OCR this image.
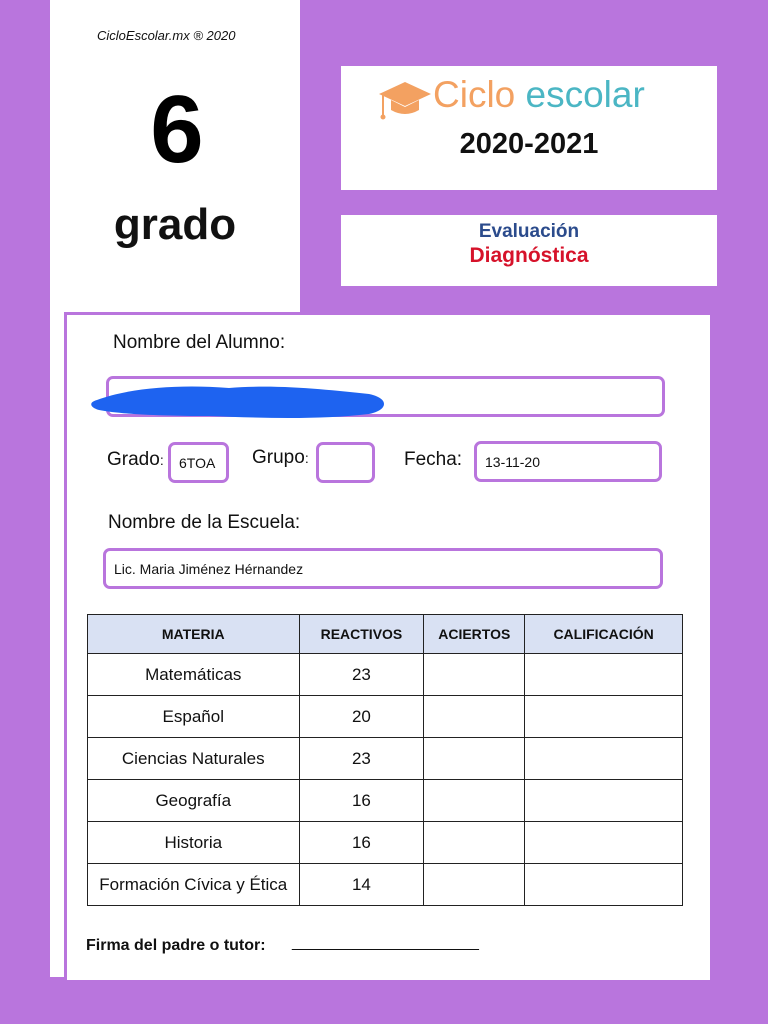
CicloEscolar.mx ® 2020
6
grado
Ciclo escolar
2020-2021
Evaluación
Diagnóstica
Nombre del Alumno:
Grado: 6TOA Grupo:	Fecha: 13-11-20
Nombre de la Escuela:
Lic. Maria Jiménez Hérnandez
MATERIA	REACTIVOS	ACIERTOS	CALIFICACIÓN
Matemáticas	23		
Español	20		
Ciencias Naturales	23		
Geografía	16		
Historia	16		
Formación Cívica y Ética	14		
Firma del padre o tutor: _____________________
